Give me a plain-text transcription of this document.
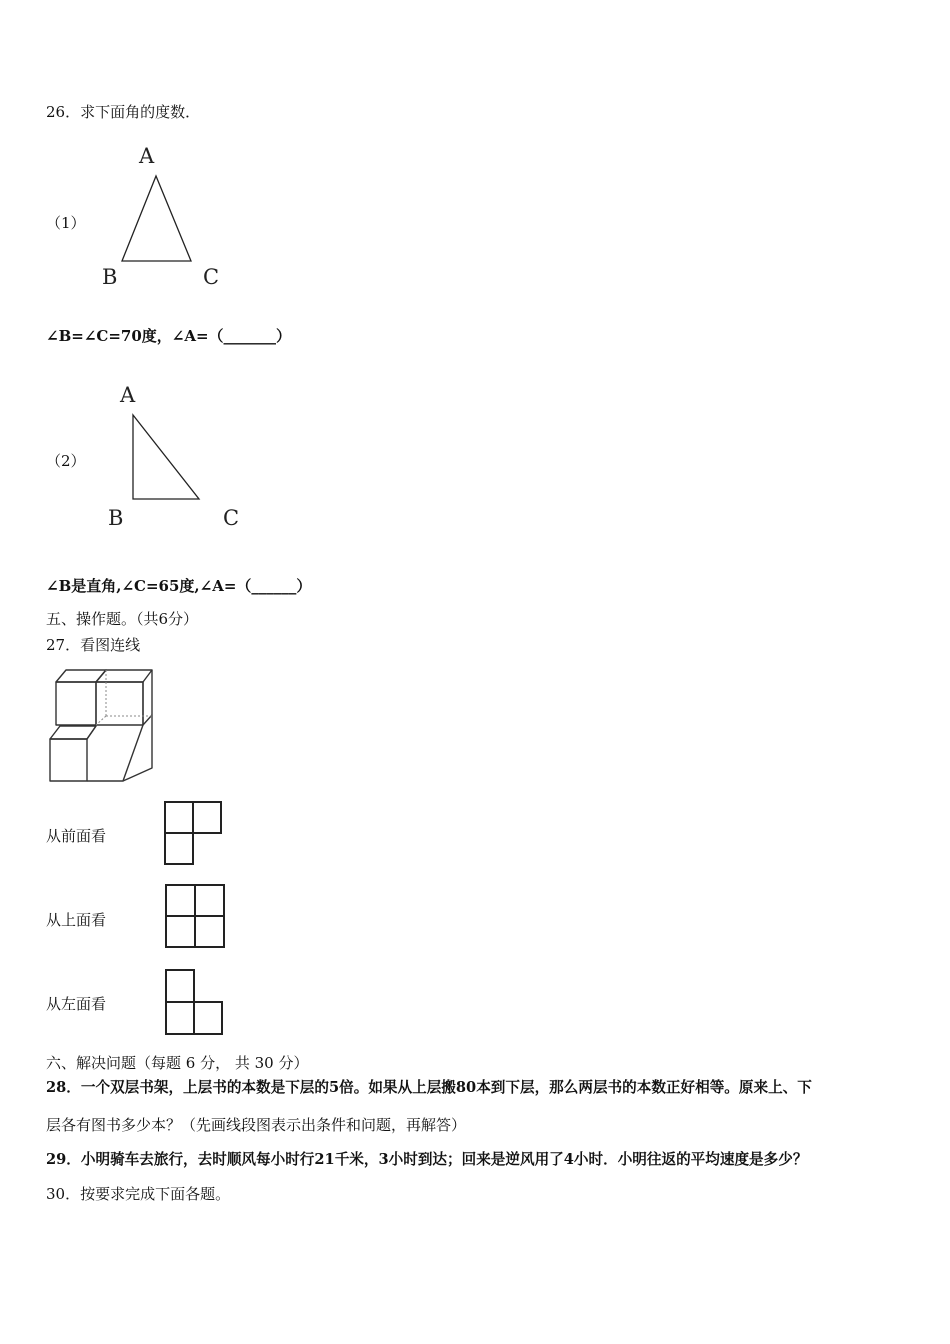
26．求下面角的度数．
（1）
A
B	C
∠B=∠C=70度，∠A=（_______）
（2）
A
B	C
∠B是直角,∠C=65度,∠A=（______）
五、操作题。（共6分）
27．看图连线
从前面看
从上面看
从左面看
六、解决问题（每题 6 分， 共 30 分）
28．一个双层书架，上层书的本数是下层的5倍。如果从上层搬80本到下层，那么两层书的本数正好相等。原来上、下
层各有图书多少本？（先画线段图表示出条件和问题，再解答）
29．小明骑车去旅行，去时顺风每小时行21千米，3小时到达；回来是逆风用了4小时．小明往返的平均速度是多少？
30．按要求完成下面各题。
